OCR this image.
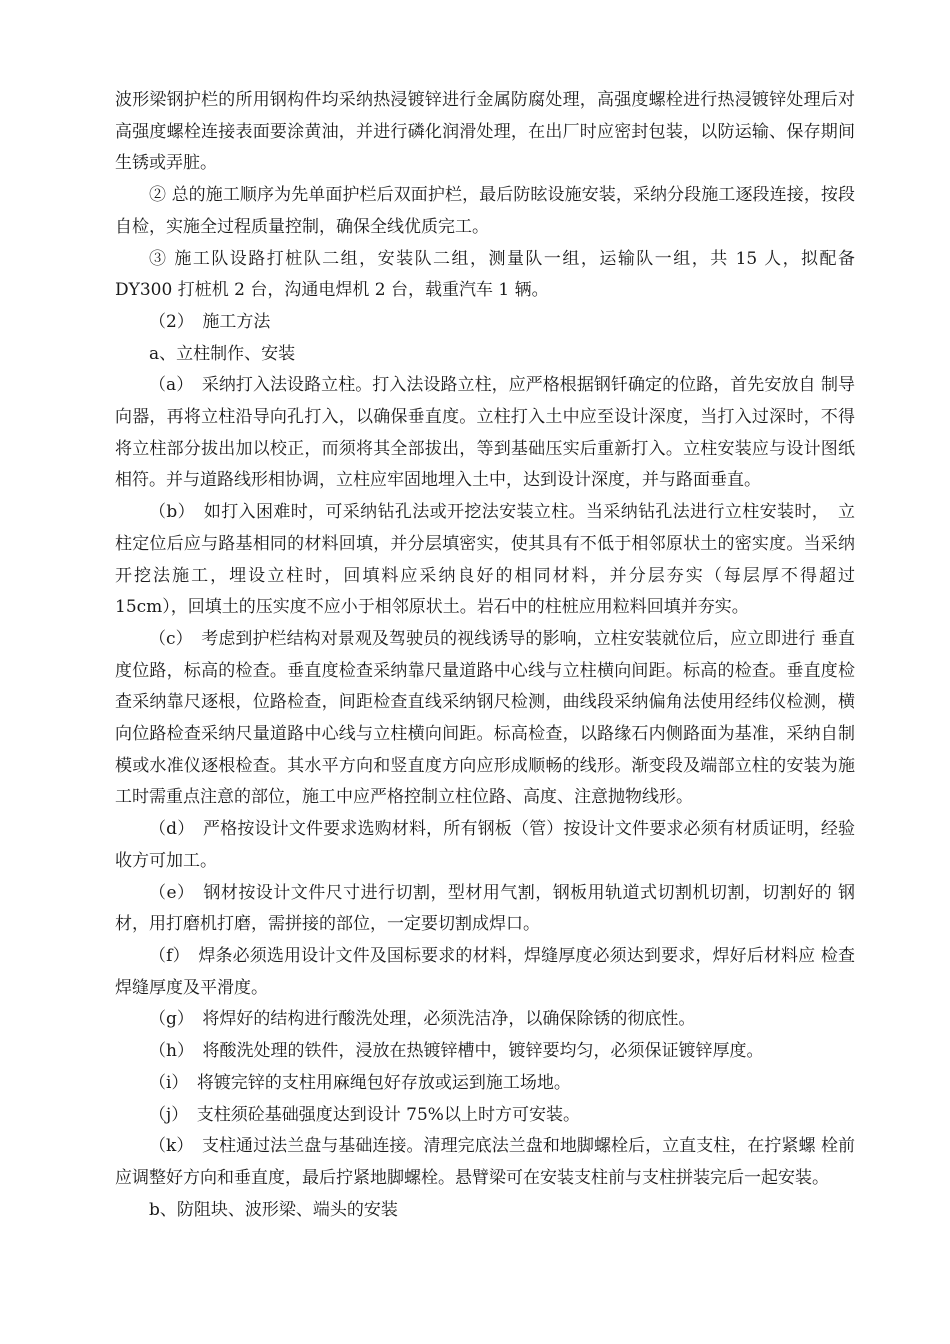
波形梁钢护栏的所用钢构件均采纳热浸镀锌进行金属防腐处理，高强度螺栓进行热浸镀锌处理后对高强度螺栓连接表面要涂黄油，并进行磷化润滑处理，在出厂时应密封包装，以防运输、保存期间生锈或弄脏。

② 总的施工顺序为先单面护栏后双面护栏，最后防眩设施安装，采纳分段施工逐段连接，按段自检，实施全过程质量控制，确保全线优质完工。

③ 施工队设路打桩队二组，安装队二组，测量队一组，运输队一组，共 15 人，拟配备 DY300 打桩机 2 台，沟通电焊机 2 台，载重汽车 1 辆。

（2）　施工方法

a、立柱制作、安装

（a）　采纳打入法设路立柱。打入法设路立柱，应严格根据钢钎确定的位路，首先安放自 制导向器，再将立柱沿导向孔打入，以确保垂直度。立柱打入土中应至设计深度，当打入过深时，不得将立柱部分拔出加以校正，而须将其全部拔出，等到基础压实后重新打入。立柱安装应与设计图纸相符。并与道路线形相协调，立柱应牢固地埋入土中，达到设计深度，并与路面垂直。

（b）　如打入困难时，可采纳钻孔法或开挖法安装立柱。当采纳钻孔法进行立柱安装时，　立柱定位后应与路基相同的材料回填，并分层填密实，使其具有不低于相邻原状土的密实度。当采纳开挖法施工，埋设立柱时，回填料应采纳良好的相同材料，并分层夯实（每层厚不得超过 15cm），回填土的压实度不应小于相邻原状土。岩石中的柱桩应用粒料回填并夯实。

（c）　考虑到护栏结构对景观及驾驶员的视线诱导的影响，立柱安装就位后，应立即进行 垂直度位路，标高的检查。垂直度检查采纳靠尺量道路中心线与立柱横向间距。标高的检查。垂直度检查采纳靠尺逐根，位路检查，间距检查直线采纳钢尺检测，曲线段采纳偏角法使用经纬仪检测，横向位路检查采纳尺量道路中心线与立柱横向间距。标高检查，以路缘石内侧路面为基准，采纳自制模或水准仪逐根检查。其水平方向和竖直度方向应形成顺畅的线形。渐变段及端部立柱的安装为施工时需重点注意的部位，施工中应严格控制立柱位路、高度、注意抛物线形。

（d）　严格按设计文件要求选购材料，所有钢板（管）按设计文件要求必须有材质证明，经验收方可加工。

（e）　钢材按设计文件尺寸进行切割，型材用气割，钢板用轨道式切割机切割，切割好的 钢材，用打磨机打磨，需拼接的部位，一定要切割成焊口。

（f）　焊条必须选用设计文件及国标要求的材料，焊缝厚度必须达到要求，焊好后材料应 检查焊缝厚度及平滑度。

（g）　将焊好的结构进行酸洗处理，必须洗洁净，以确保除锈的彻底性。

（h）　将酸洗处理的铁件，浸放在热镀锌槽中，镀锌要均匀，必须保证镀锌厚度。

（i）　将镀完锌的支柱用麻绳包好存放或运到施工场地。

（j）　支柱须砼基础强度达到设计 75%以上时方可安装。

（k）　支柱通过法兰盘与基础连接。清理完底法兰盘和地脚螺栓后，立直支柱，在拧紧螺 栓前应调整好方向和垂直度，最后拧紧地脚螺栓。悬臂梁可在安装支柱前与支柱拼装完后一起安装。

b、防阻块、波形梁、端头的安装
